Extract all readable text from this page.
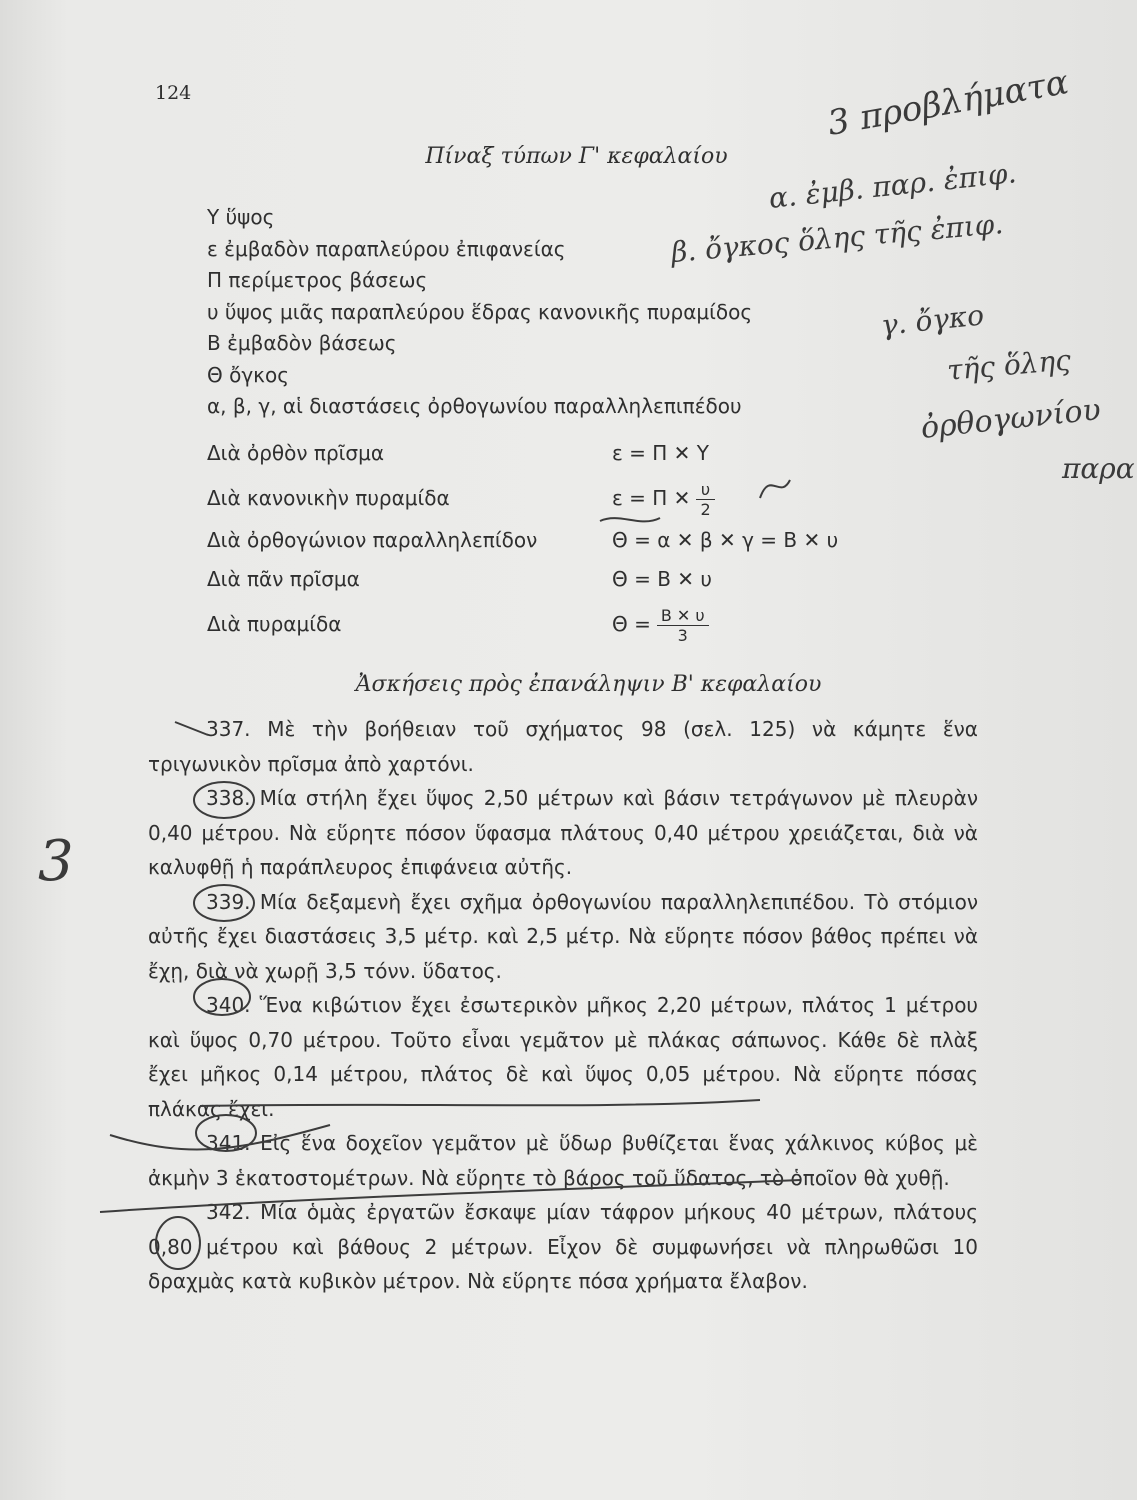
124
Πίναξ τύπων Γ' κεφαλαίου
Υ ὕψος
ε ἐμβαδὸν παραπλεύρου ἐπιφανείας
Π περίμετρος βάσεως
υ ὕψος μιᾶς παραπλεύρου ἕδρας κανονικῆς πυραμίδος
Β ἐμβαδὸν βάσεως
Θ ὄγκος
α, β, γ, αἱ διαστάσεις ὀρθογωνίου παραλληλεπιπέδου
Διὰ ὀρθὸν πρῖσμα	ε = Π ✕ Υ
Διὰ κανονικὴν πυραμίδα	ε = Π ✕ $\frac{\upsilon}{2}$
Διὰ ὀρθογώνιον παραλληλεπίδον	Θ = α ✕ β ✕ γ = Β ✕ υ
Διὰ πᾶν πρῖσμα	Θ = Β ✕ υ
Διὰ πυραμίδα	$\Theta = \frac{B ✕ \upsilon}{3}$
Ἀσκήσεις πρὸς ἐπανάληψιν Β' κεφαλαίου

337. Μὲ τὴν βοήθειαν τοῦ σχήματος 98 (σελ. 125) νὰ κάμητε ἕνα τριγωνικὸν πρῖσμα ἀπὸ χαρτόνι.

338. Μία στήλη ἔχει ὕψος 2,50 μέτρων καὶ βάσιν τετράγωνον μὲ πλευρὰν 0,40 μέτρου. Νὰ εὕρητε πόσον ὕφασμα πλάτους 0,40 μέτρου χρειάζεται, διὰ νὰ καλυφθῇ ἡ παράπλευρος ἐπιφάνεια αὐτῆς.

339. Μία δεξαμενὴ ἔχει σχῆμα ὀρθογωνίου παραλληλεπιπέδου. Τὸ στόμιον αὐτῆς ἔχει διαστάσεις 3,5 μέτρ. καὶ 2,5 μέτρ. Νὰ εὕρητε πόσον βάθος πρέπει νὰ ἔχῃ, διὰ νὰ χωρῇ 3,5 τόνν. ὕδατος.

340. Ἕνα κιβώτιον ἔχει ἐσωτερικὸν μῆκος 2,20 μέτρων, πλάτος 1 μέτρου καὶ ὕψος 0,70 μέτρου. Τοῦτο εἶναι γεμᾶτον μὲ πλάκας σάπωνος. Κάθε δὲ πλὰξ ἔχει μῆκος 0,14 μέτρου, πλάτος δὲ καὶ ὕψος 0,05 μέτρου. Νὰ εὕρητε πόσας πλάκας ἔχει.

341. Εἰς ἕνα δοχεῖον γεμᾶτον μὲ ὕδωρ βυθίζεται ἕνας χάλκινος κύβος μὲ ἀκμὴν 3 ἑκατοστομέτρων. Νὰ εὕρητε τὸ βάρος τοῦ ὕδατος, τὸ ὁποῖον θὰ χυθῇ.

342. Μία ὁμὰς ἐργατῶν ἔσκαψε μίαν τάφρον μήκους 40 μέτρων, πλάτους 0,80 μέτρου καὶ βάθους 2 μέτρων. Εἶχον δὲ συμφωνήσει νὰ πληρωθῶσι 10 δραχμὰς κατὰ κυβικὸν μέτρον. Νὰ εὕρητε πόσα χρήματα ἔλαβον.

3 προβλήματα
α. ἐμβ. παρ. ἐπιφ.
β. ὄγκος ὅλης τῆς ἐπιφ.
γ. ὄγκο
τῆς ὅλης
ὀρθογωνίου
παρα
3
